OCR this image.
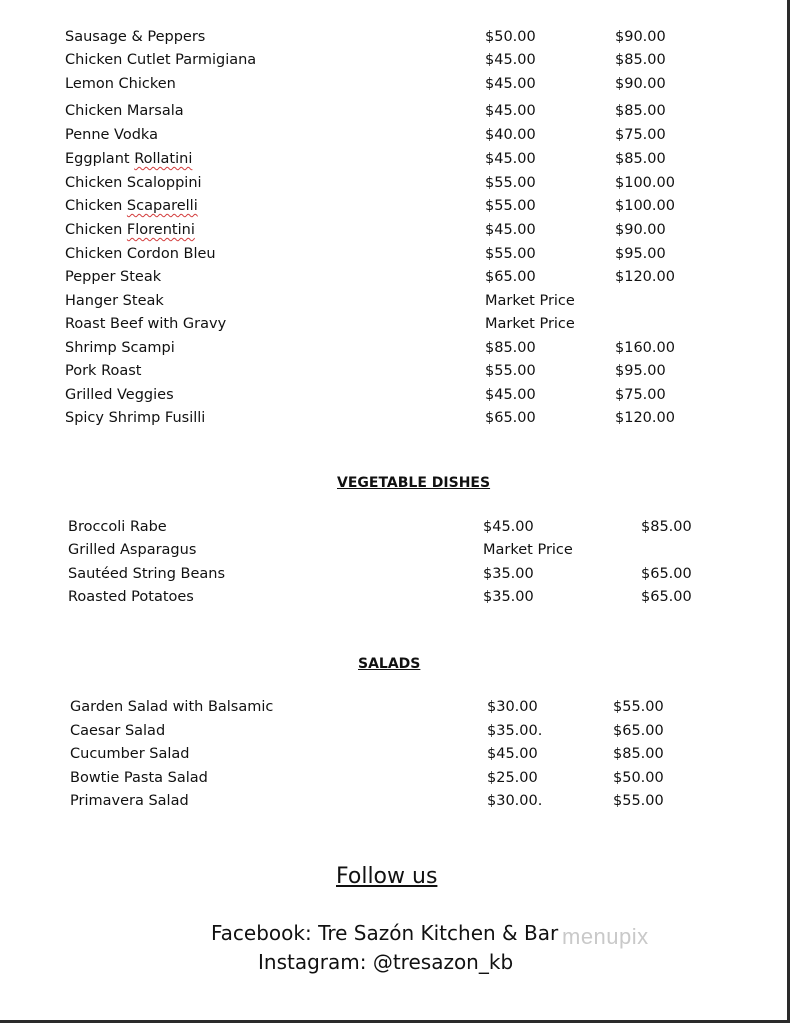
Sausage & Peppers	$50.00	$90.00
Chicken Cutlet Parmigiana	$45.00	$85.00
Lemon Chicken	$45.00	$90.00
Chicken Marsala	$45.00	$85.00
Penne Vodka	$40.00	$75.00
Eggplant Rollatini	$45.00	$85.00
Chicken Scaloppini	$55.00	$100.00
Chicken Scaparelli	$55.00	$100.00
Chicken Florentini	$45.00	$90.00
Chicken Cordon Bleu	$55.00	$95.00
Pepper Steak	$65.00	$120.00
Hanger Steak	Market Price
Roast Beef with Gravy	Market Price
Shrimp Scampi	$85.00	$160.00
Pork Roast	$55.00	$95.00
Grilled Veggies	$45.00	$75.00
Spicy Shrimp Fusilli	$65.00	$120.00
VEGETABLE DISHES
Broccoli Rabe	$45.00	$85.00
Grilled Asparagus	Market Price
Sautéed String Beans	$35.00	$65.00
Roasted Potatoes	$35.00	$65.00
SALADS
Garden Salad with Balsamic	$30.00	$55.00
Caesar Salad	$35.00.	$65.00
Cucumber Salad	$45.00	$85.00
Bowtie Pasta Salad	$25.00	$50.00
Primavera Salad	$30.00.	$55.00
Follow us
Facebook: Tre Sazón Kitchen & Bar
Instagram: @tresazon_kb
menupix
